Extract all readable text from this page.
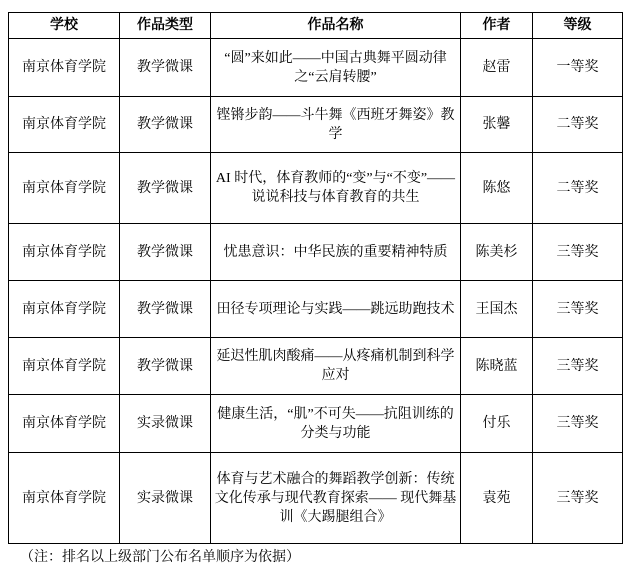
学校	作品类型	作品名称	作者	等级
南京体育学院	教学微课	“圆”来如此——中国古典舞平圆动律之“云肩转腰”	赵雷	一等奖
南京体育学院	教学微课	铿锵步韵——斗牛舞《西班牙舞姿》教学	张馨	二等奖
南京体育学院	教学微课	AI 时代，体育教师的“变”与“不变”——说说科技与体育教育的共生	陈悠	二等奖
南京体育学院	教学微课	忧患意识：中华民族的重要精神特质	陈美杉	三等奖
南京体育学院	教学微课	田径专项理论与实践——跳远助跑技术	王国杰	三等奖
南京体育学院	教学微课	延迟性肌肉酸痛——从疼痛机制到科学应对	陈晓蓝	三等奖
南京体育学院	实录微课	健康生活，“肌”不可失——抗阻训练的分类与功能	付乐	三等奖
南京体育学院	实录微课	体育与艺术融合的舞蹈教学创新：传统文化传承与现代教育探索—— 现代舞基训《大踢腿组合》	袁苑	三等奖
（注：排名以上级部门公布名单顺序为依据）
